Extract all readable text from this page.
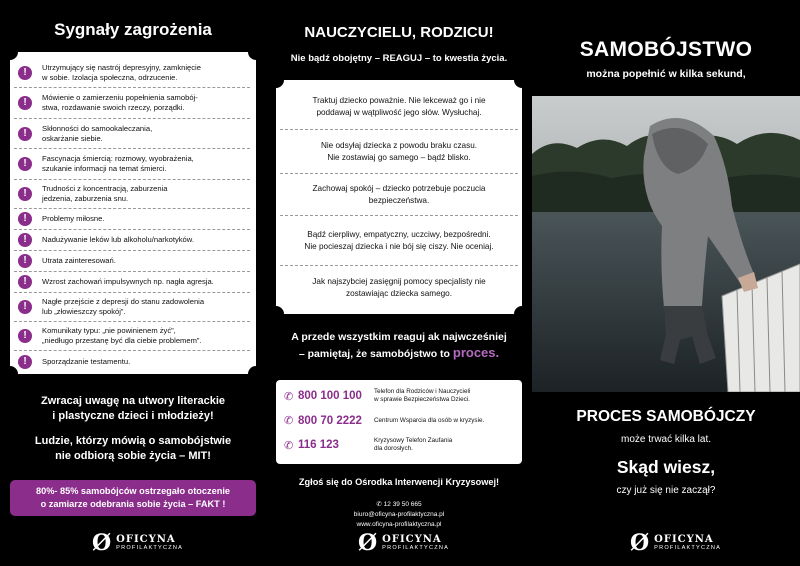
Sygnały zagrożenia
!	Utrzymujący się nastrój depresyjny, zamknięcie
w sobie. Izolacja społeczna, odrzucenie.
!	Mówienie o zamierzeniu popełnienia samobój-
stwa, rozdawanie swoich rzeczy, porządki.
!	Skłonności do samookaleczania,
oskarżanie siebie.
!	Fascynacja śmiercią: rozmowy, wyobrażenia,
szukanie informacji na temat śmierci.
!	Trudności z koncentracją, zaburzenia
jedzenia, zaburzenia snu.
!	Problemy miłosne.
!	Nadużywanie leków lub alkoholu/narkotyków.
!	Utrata zainteresowań.
!	Wzrost zachowań impulsywnych np. nagła agresja.
!	Nagłe przejście z depresji do stanu zadowolenia
lub „złowieszczy spokój”.
!	Komunikaty typu: „nie powinienem żyć”,
„niedługo przestanę być dla ciebie problemem”.
!	Sporządzanie testamentu.

Zwracaj uwagę na utwory literackie
i plastyczne dzieci i młodzieży!

Ludzie, którzy mówią o samobójstwie
nie odbiorą sobie życia – MIT!

80%- 85% samobójców ostrzegało otoczenie
o zamiarze odebrania sobie życia – FAKT !
Ø OFICYNA
PROFILAKTYCZNA
NAUCZYCIELU, RODZICU!

Nie bądź obojętny – REAGUJ – to kwestia życia.

Traktuj dziecko poważnie. Nie lekceważ go i nie
poddawaj w wątpliwość jego słów. Wysłuchaj.
Nie odsyłaj dziecka z powodu braku czasu.
Nie zostawiaj go samego – bądź blisko.
Zachowaj spokój – dziecko potrzebuje poczucia
bezpieczeństwa.
Bądź cierpliwy, empatyczny, uczciwy, bezpośredni.
Nie pocieszaj dziecka i nie bój się ciszy. Nie oceniaj.
Jak najszybciej zasięgnij pomocy specjalisty nie
zostawiając dziecka samego.
A przede wszystkim reaguj ak najwcześniej
– pamiętaj, że samobójstwo to proces.
✆ 800 100 100	Telefon dla Rodziców i Nauczycieli
w sprawie Bezpieczeństwa Dzieci.
✆ 800 70 2222	Centrum Wsparcia dla osób w kryzysie.
✆ 116 123	Kryzysowy Telefon Zaufania
dla dorosłych.

Zgłoś się do Ośrodka Interwencji Kryzysowej!

✆ 12 39 50 665
biuro@oficyna-profilaktyczna.pl
www.oficyna-profilaktyczna.pl
Ø OFICYNA
PROFILAKTYCZNA
SAMOBÓJSTWO

można popełnić w kilka sekund,

PROCES SAMOBÓJCZY

może trwać kilka lat.

Skąd wiesz,

czy już się nie zaczął?

Ø OFICYNA
PROFILAKTYCZNA
